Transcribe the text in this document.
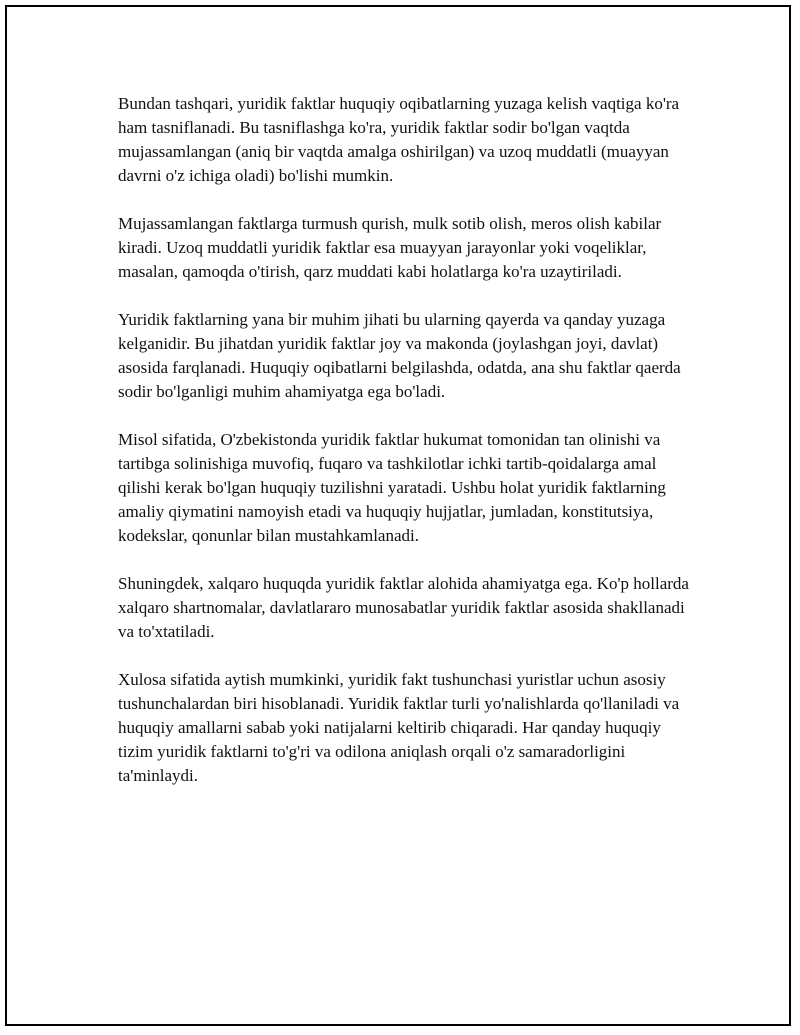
Bundan tashqari, yuridik faktlar huquqiy oqibatlarning yuzaga kelish vaqtiga ko'ra ham tasniflanadi. Bu tasniflashga ko'ra, yuridik faktlar sodir bo'lgan vaqtda mujassamlangan (aniq bir vaqtda amalga oshirilgan) va uzoq muddatli (muayyan davrni o'z ichiga oladi) bo'lishi mumkin.

Mujassamlangan faktlarga turmush qurish, mulk sotib olish, meros olish kabilar kiradi. Uzoq muddatli yuridik faktlar esa muayyan jarayonlar yoki voqeliklar, masalan, qamoqda o'tirish, qarz muddati kabi holatlarga ko'ra uzaytiriladi.

Yuridik faktlarning yana bir muhim jihati bu ularning qayerda va qanday yuzaga kelganidir. Bu jihatdan yuridik faktlar joy va makonda (joylashgan joyi, davlat) asosida farqlanadi. Huquqiy oqibatlarni belgilashda, odatda, ana shu faktlar qaerda sodir bo'lganligi muhim ahamiyatga ega bo'ladi.

Misol sifatida, O'zbekistonda yuridik faktlar hukumat tomonidan tan olinishi va tartibga solinishiga muvofiq, fuqaro va tashkilotlar ichki tartib-qoidalarga amal qilishi kerak bo'lgan huquqiy tuzilishni yaratadi. Ushbu holat yuridik faktlarning amaliy qiymatini namoyish etadi va huquqiy hujjatlar, jumladan, konstitutsiya, kodekslar, qonunlar bilan mustahkamlanadi.

Shuningdek, xalqaro huquqda yuridik faktlar alohida ahamiyatga ega. Ko'p hollarda xalqaro shartnomalar, davlatlararo munosabatlar yuridik faktlar asosida shakllanadi va to'xtatiladi.

Xulosa sifatida aytish mumkinki, yuridik fakt tushunchasi yuristlar uchun asosiy tushunchalardan biri hisoblanadi. Yuridik faktlar turli yo'nalishlarda qo'llaniladi va huquqiy amallarni sabab yoki natijalarni keltirib chiqaradi. Har qanday huquqiy tizim yuridik faktlarni to'g'ri va odilona aniqlash orqali o'z samaradorligini ta'minlaydi.
